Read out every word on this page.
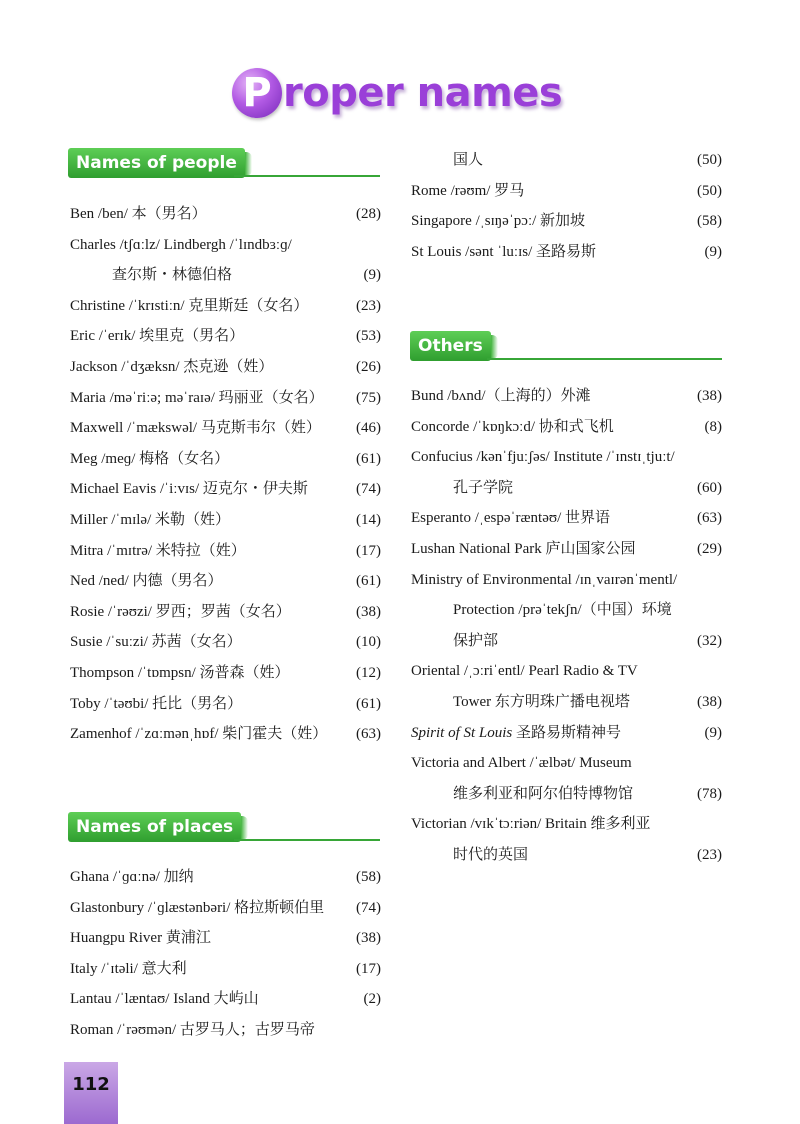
P roper names
Names of people
Ben /ben/ 本（男名）	(28)
Charles /tʃɑːlz/ Lindbergh /ˈlɪndbɜːɡ/
查尔斯・林德伯格	(9)
Christine /ˈkrɪstiːn/ 克里斯廷（女名）	(23)
Eric /ˈerɪk/ 埃里克（男名）	(53)
Jackson /ˈdʒæksn/ 杰克逊（姓）	(26)
Maria /məˈriːə; məˈraɪə/ 玛丽亚（女名） (75)
Maxwell /ˈmækswəl/ 马克斯韦尔（姓） (46)
Meg /meɡ/ 梅格（女名）	(61)
Michael Eavis /ˈiːvɪs/ 迈克尔・伊夫斯	(74)
Miller /ˈmɪlə/ 米勒（姓）	(14)
Mitra /ˈmɪtrə/ 米特拉（姓）	(17)
Ned /ned/ 内德（男名）	(61)
Rosie /ˈrəʊzi/ 罗西；罗茜（女名）	(38)
Susie /ˈsuːzi/ 苏茜（女名）	(10)
Thompson /ˈtɒmpsn/ 汤普森（姓）	(12)
Toby /ˈtəʊbi/ 托比（男名）	(61)
Zamenhof /ˈzɑːmənˌhɒf/ 柴门霍夫（姓） (63)
Names of places
Ghana /ˈɡɑːnə/ 加纳	(58)
Glastonbury /ˈɡlæstənbəri/ 格拉斯顿伯里 (74)
Huangpu River 黄浦江	(38)
Italy /ˈɪtəli/ 意大利	(17)
Lantau /ˈlæntaʊ/ Island 大屿山	(2)
Roman /ˈrəʊmən/ 古罗马人；古罗马帝
国人	(50)
Rome /rəʊm/ 罗马	(50)
Singapore /ˌsɪŋəˈpɔː/ 新加坡	(58)
St Louis /sənt ˈluːɪs/ 圣路易斯	(9)
Others
Bund /bʌnd/（上海的）外滩	(38)
Concorde /ˈkɒŋkɔːd/ 协和式飞机	(8)
Confucius /kənˈfjuːʃəs/ Institute /ˈɪnstɪˌtjuːt/
孔子学院	(60)
Esperanto /ˌespəˈræntəʊ/ 世界语	(63)
Lushan National Park 庐山国家公园	(29)
Ministry of Environmental /ɪnˌvaɪrənˈmentl/
Protection /prəˈtekʃn/（中国）环境
保护部	(32)
Oriental /ˌɔːriˈentl/ Pearl Radio & TV
Tower 东方明珠广播电视塔	(38)
Spirit of St Louis 圣路易斯精神号	(9)
Victoria and Albert /ˈælbət/ Museum
维多利亚和阿尔伯特博物馆	(78)
Victorian /vɪkˈtɔːriən/ Britain 维多利亚
时代的英国	(23)
112
